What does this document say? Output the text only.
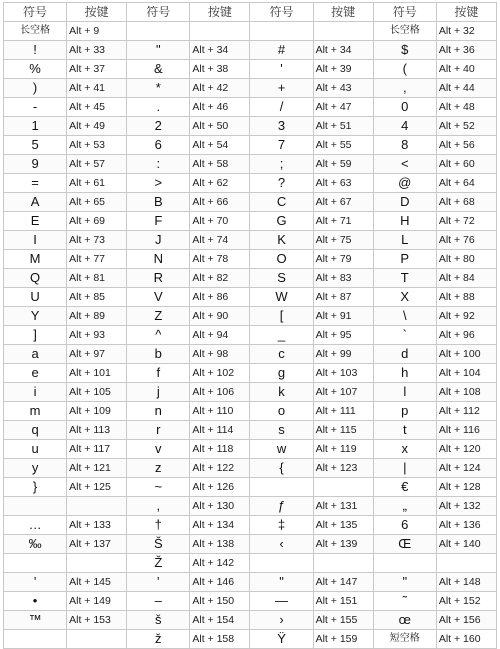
符号	按键	符号	按键	符号	按键	符号	按键
长空格	Alt + 9					长空格	Alt + 32
!	Alt + 33	"	Alt + 34	#	Alt + 34	$	Alt + 36
%	Alt + 37	&	Alt + 38	'	Alt + 39	(	Alt + 40
)	Alt + 41	*	Alt + 42	+	Alt + 43	,	Alt + 44
-	Alt + 45	.	Alt + 46	/	Alt + 47	0	Alt + 48
1	Alt + 49	2	Alt + 50	3	Alt + 51	4	Alt + 52
5	Alt + 53	6	Alt + 54	7	Alt + 55	8	Alt + 56
9	Alt + 57	:	Alt + 58	;	Alt + 59	<	Alt + 60
=	Alt + 61	>	Alt + 62	?	Alt + 63	@	Alt + 64
A	Alt + 65	B	Alt + 66	C	Alt + 67	D	Alt + 68
E	Alt + 69	F	Alt + 70	G	Alt + 71	H	Alt + 72
I	Alt + 73	J	Alt + 74	K	Alt + 75	L	Alt + 76
M	Alt + 77	N	Alt + 78	O	Alt + 79	P	Alt + 80
Q	Alt + 81	R	Alt + 82	S	Alt + 83	T	Alt + 84
U	Alt + 85	V	Alt + 86	W	Alt + 87	X	Alt + 88
Y	Alt + 89	Z	Alt + 90	[	Alt + 91	\	Alt + 92
]	Alt + 93	^	Alt + 94	_	Alt + 95	`	Alt + 96
a	Alt + 97	b	Alt + 98	c	Alt + 99	d	Alt + 100
e	Alt + 101	f	Alt + 102	g	Alt + 103	h	Alt + 104
i	Alt + 105	j	Alt + 106	k	Alt + 107	l	Alt + 108
m	Alt + 109	n	Alt + 110	o	Alt + 111	p	Alt + 112
q	Alt + 113	r	Alt + 114	s	Alt + 115	t	Alt + 116
u	Alt + 117	v	Alt + 118	w	Alt + 119	x	Alt + 120
y	Alt + 121	z	Alt + 122	{	Alt + 123	|	Alt + 124
}	Alt + 125	~	Alt + 126			€	Alt + 128
		,	Alt + 130	ƒ	Alt + 131	„	Alt + 132
…	Alt + 133	†	Alt + 134	‡	Alt + 135	6	Alt + 136
‰	Alt + 137	Š	Alt + 138	‹	Alt + 139	Œ	Alt + 140
		Ž	Alt + 142				
'	Alt + 145	'	Alt + 146	"	Alt + 147	"	Alt + 148
•	Alt + 149	–	Alt + 150	—	Alt + 151	˜	Alt + 152
™	Alt + 153	š	Alt + 154	›	Alt + 155	œ	Alt + 156
		ž	Alt + 158	Ÿ	Alt + 159	短空格	Alt + 160
